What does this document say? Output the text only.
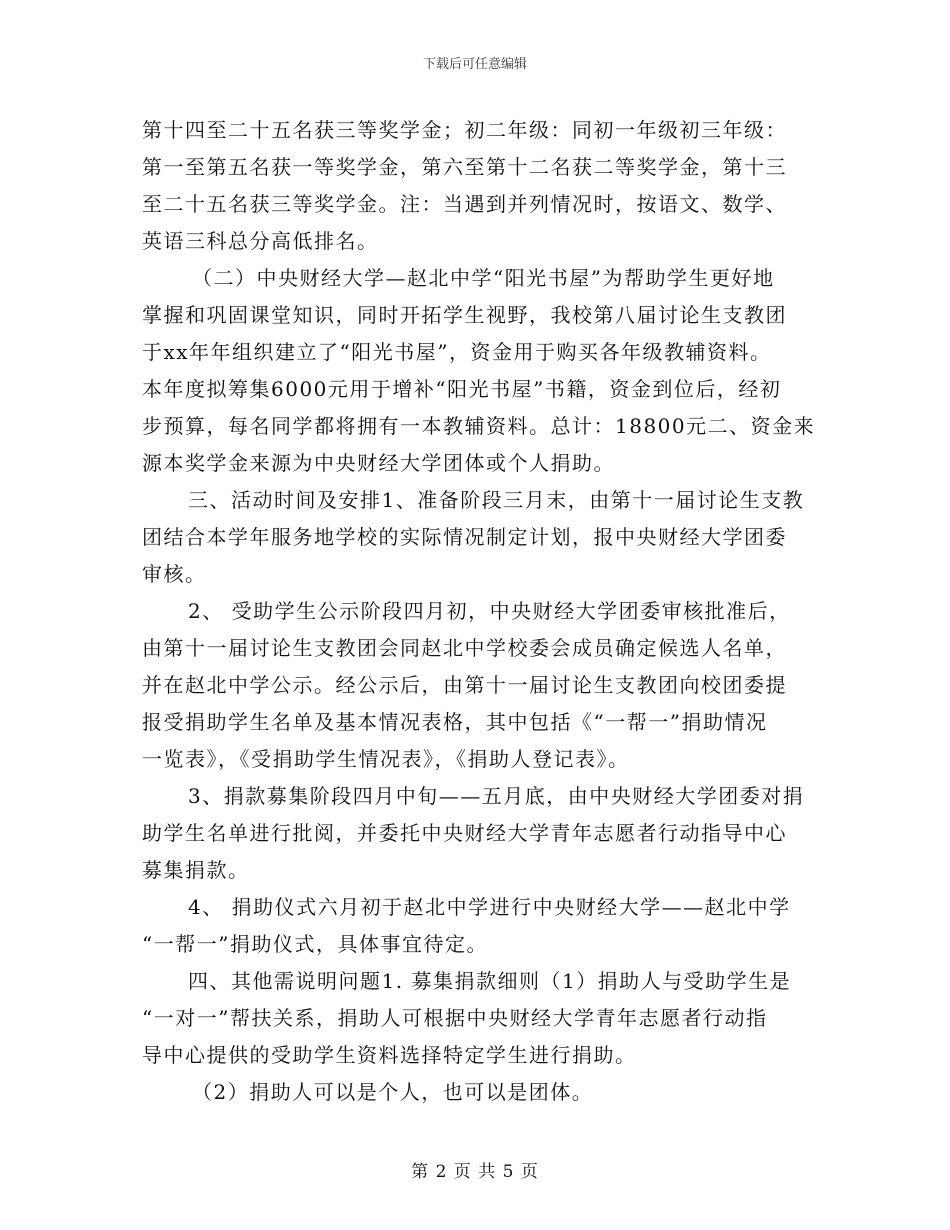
下载后可任意编辑
第十四至二十五名获三等奖学金；初二年级：同初一年级初三年级：
第一至第五名获一等奖学金，第六至第十二名获二等奖学金，第十三
至二十五名获三等奖学金。注：当遇到并列情况时，按语文、数学、
英语三科总分高低排名。
（二）中央财经大学—赵北中学“阳光书屋”为帮助学生更好地
掌握和巩固课堂知识，同时开拓学生视野，我校第八届讨论生支教团
于xx年年组织建立了“阳光书屋”，资金用于购买各年级教辅资料。
本年度拟筹集6000元用于增补“阳光书屋”书籍，资金到位后，经初
步预算，每名同学都将拥有一本教辅资料。总计：18800元二、资金来
源本奖学金来源为中央财经大学团体或个人捐助。
三、活动时间及安排1、准备阶段三月末，由第十一届讨论生支教
团结合本学年服务地学校的实际情况制定计划，报中央财经大学团委
审核。
2、 受助学生公示阶段四月初，中央财经大学团委审核批准后，
由第十一届讨论生支教团会同赵北中学校委会成员确定候选人名单，
并在赵北中学公示。经公示后，由第十一届讨论生支教团向校团委提
报受捐助学生名单及基本情况表格，其中包括《“一帮一”捐助情况
一览表》，《受捐助学生情况表》，《捐助人登记表》。
3、捐款募集阶段四月中旬——五月底，由中央财经大学团委对捐
助学生名单进行批阅，并委托中央财经大学青年志愿者行动指导中心
募集捐款。
4、 捐助仪式六月初于赵北中学进行中央财经大学——赵北中学
“一帮一”捐助仪式，具体事宜待定。
四、其他需说明问题1. 募集捐款细则（1）捐助人与受助学生是
“一对一”帮扶关系，捐助人可根据中央财经大学青年志愿者行动指
导中心提供的受助学生资料选择特定学生进行捐助。
（2）捐助人可以是个人，也可以是团体。
第 2 页 共 5 页
